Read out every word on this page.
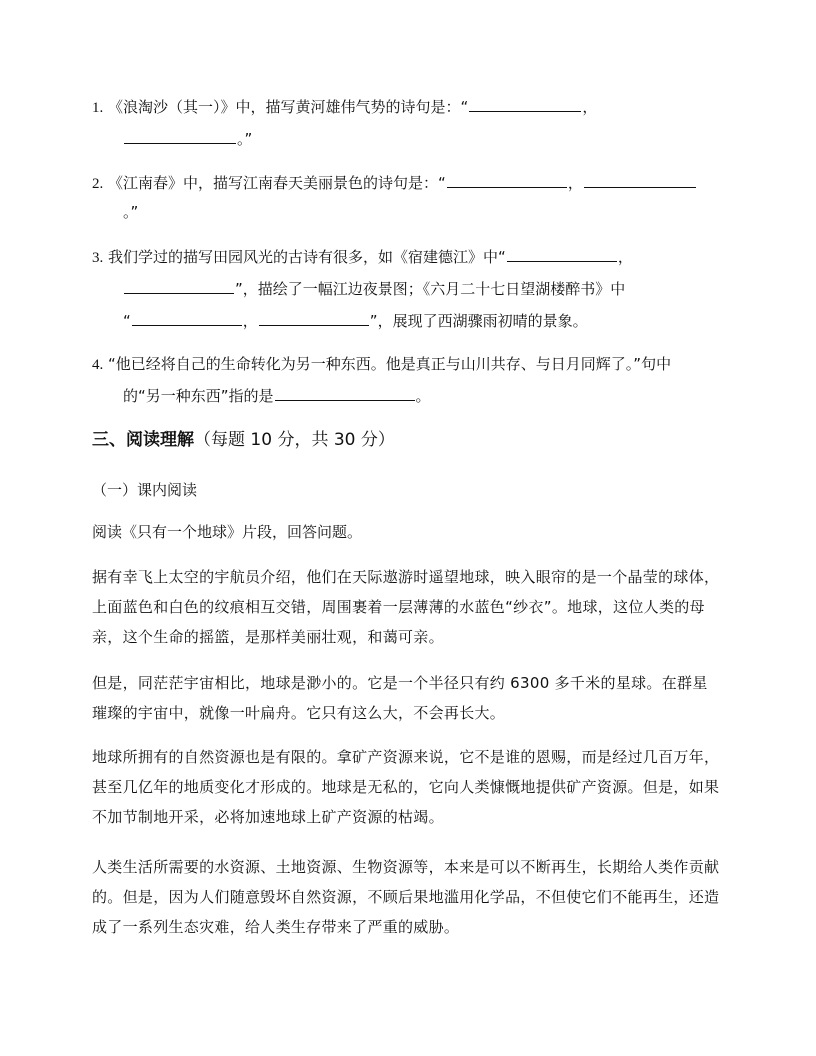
1. 《浪淘沙（其一）》中，描写黄河雄伟气势的诗句是：“	，
。”
2. 《江南春》中，描写江南春天美丽景色的诗句是：“	，
。”
3. 我们学过的描写田园风光的古诗有很多，如《宿建德江》中“	，
”，描绘了一幅江边夜景图；《六月二十七日望湖楼醉书》中
“	，	”，展现了西湖骤雨初晴的景象。
4. “他已经将自己的生命转化为另一种东西。他是真正与山川共存、与日月同辉了。”句中
的“另一种东西”指的是	。
三、阅读理解（每题 10 分，共 30 分）
（一）课内阅读
阅读《只有一个地球》片段，回答问题。
据有幸飞上太空的宇航员介绍，他们在天际遨游时遥望地球，映入眼帘的是一个晶莹的球体，上面蓝色和白色的纹痕相互交错，周围裹着一层薄薄的水蓝色“纱衣”。地球，这位人类的母亲，这个生命的摇篮，是那样美丽壮观，和蔼可亲。
但是，同茫茫宇宙相比，地球是渺小的。它是一个半径只有约 6300 多千米的星球。在群星璀璨的宇宙中，就像一叶扁舟。它只有这么大，不会再长大。
地球所拥有的自然资源也是有限的。拿矿产资源来说，它不是谁的恩赐，而是经过几百万年，甚至几亿年的地质变化才形成的。地球是无私的，它向人类慷慨地提供矿产资源。但是，如果不加节制地开采，必将加速地球上矿产资源的枯竭。
人类生活所需要的水资源、土地资源、生物资源等，本来是可以不断再生，长期给人类作贡献的。但是，因为人们随意毁坏自然资源，不顾后果地滥用化学品，不但使它们不能再生，还造成了一系列生态灾难，给人类生存带来了严重的威胁。
